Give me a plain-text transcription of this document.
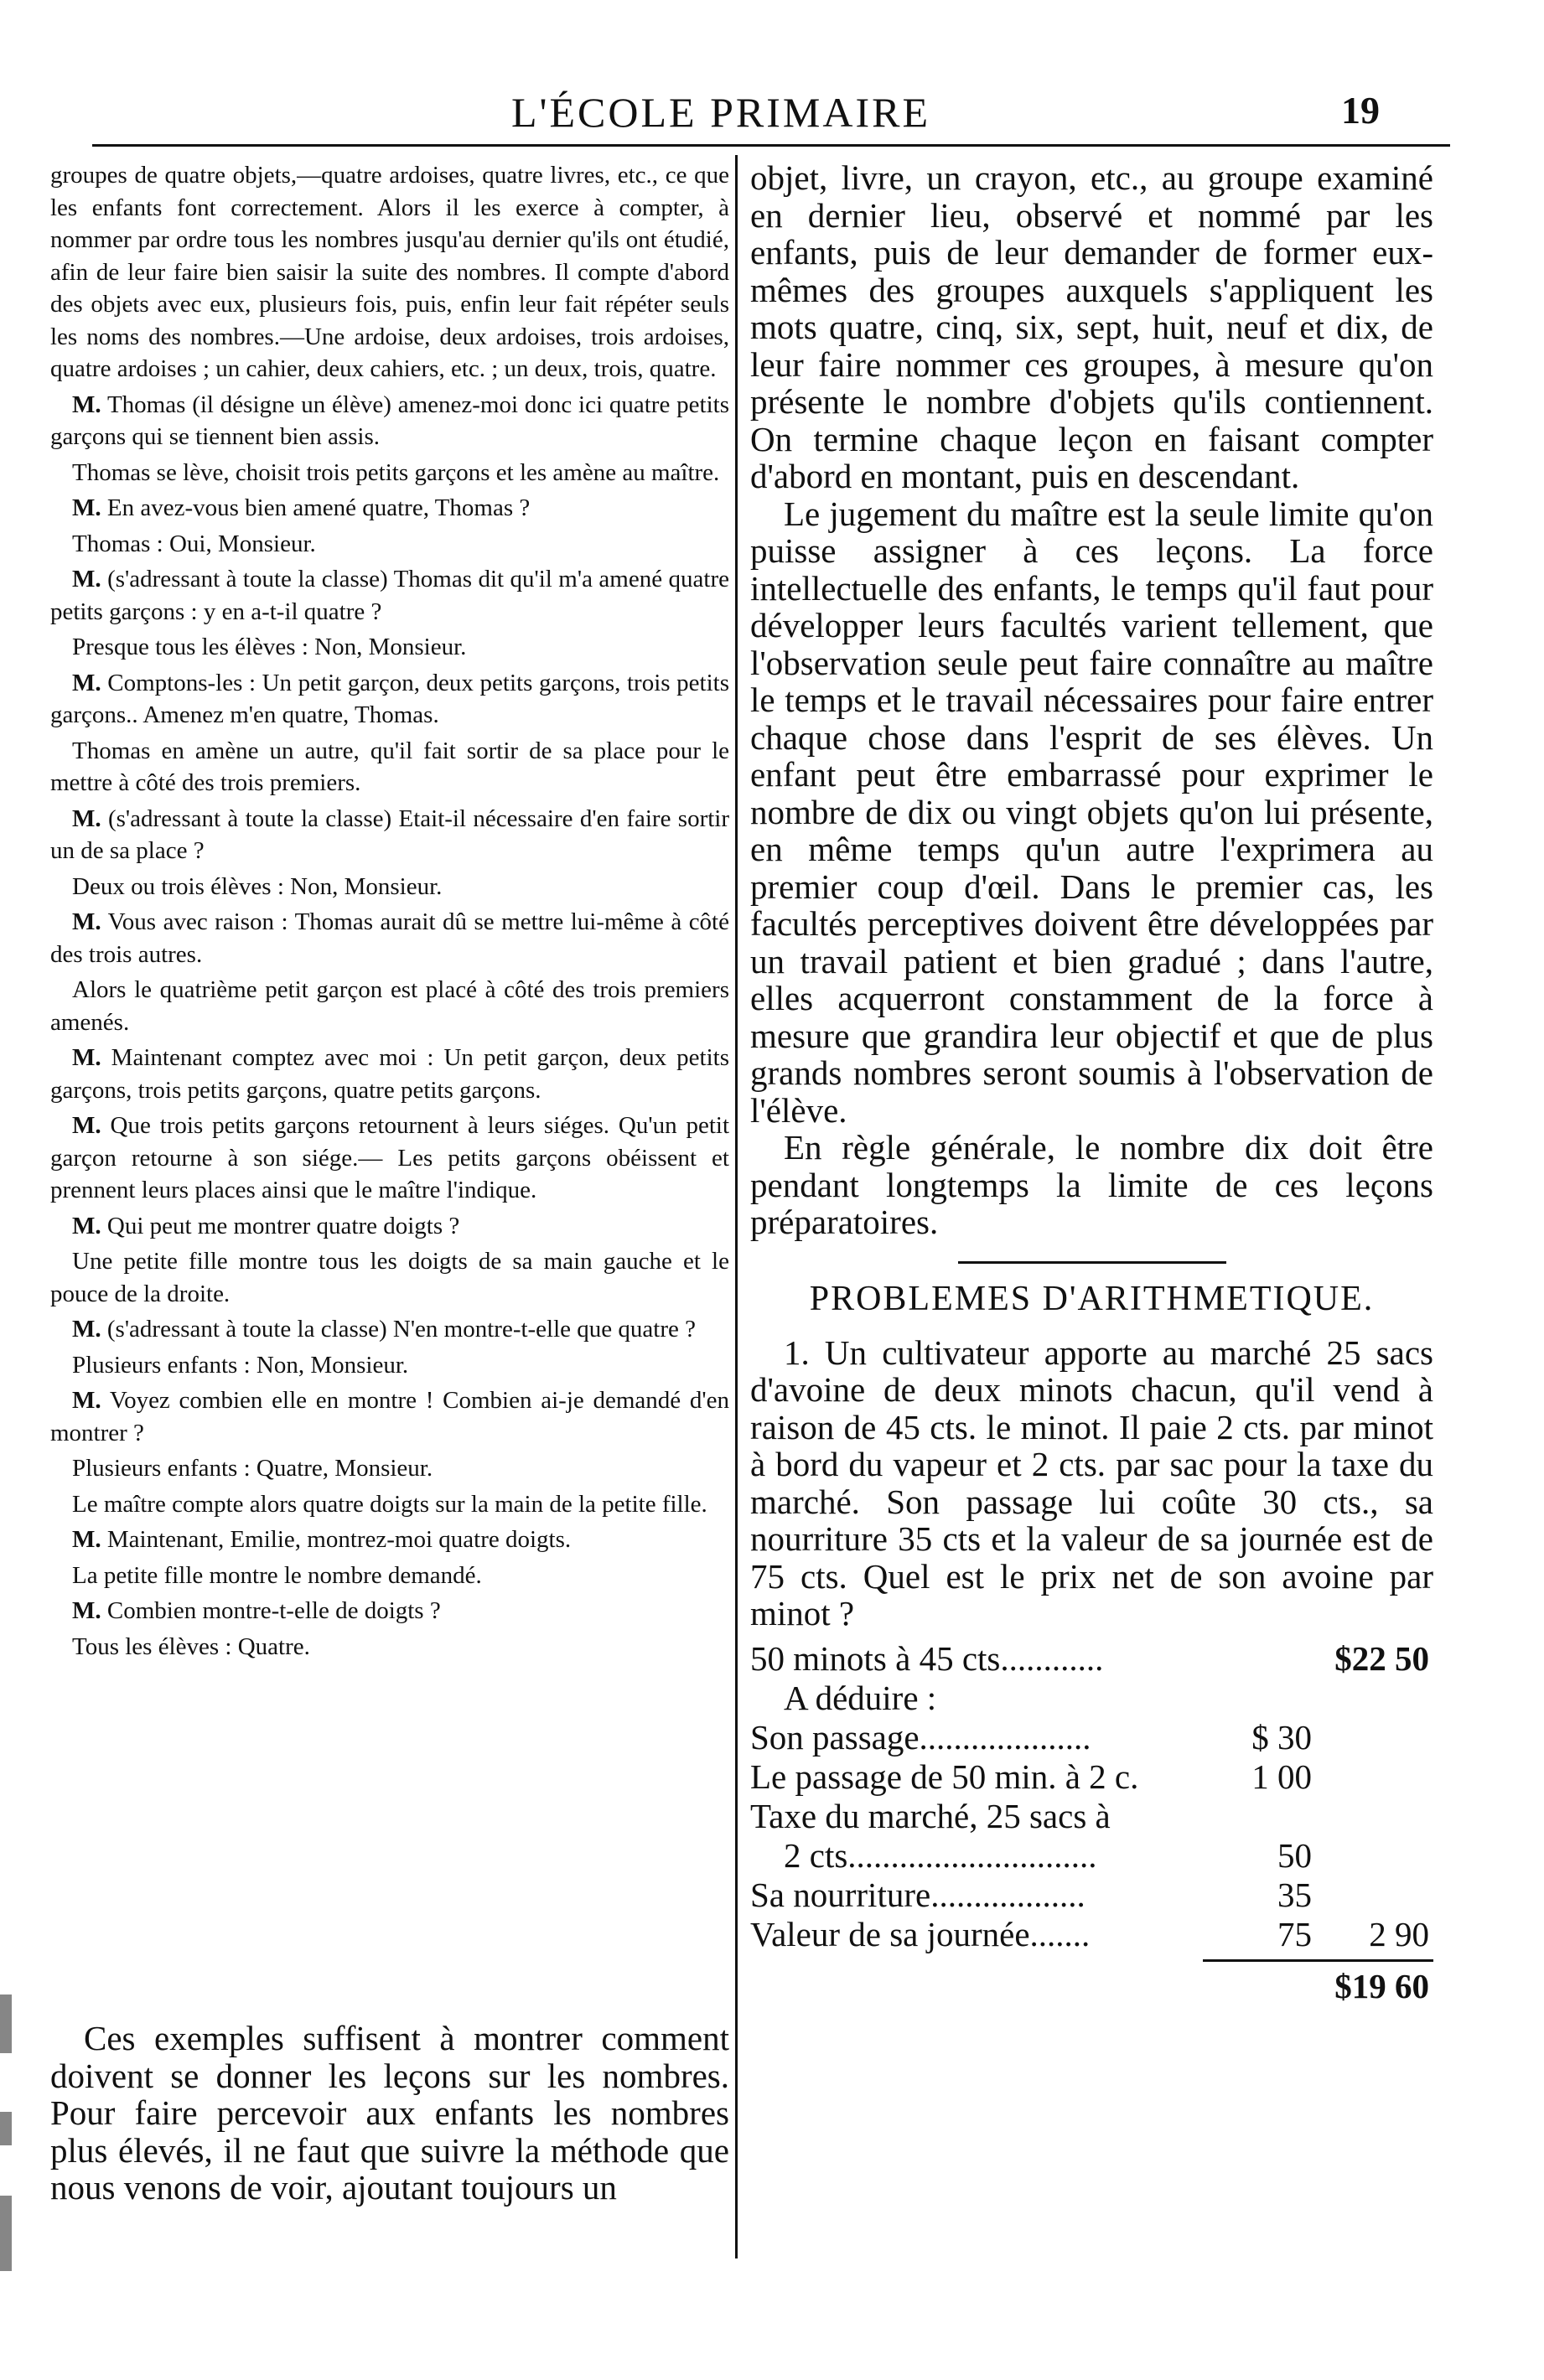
L'ÉCOLE PRIMAIRE	19

groupes de quatre objets,—quatre ardoises, quatre livres, etc., ce que les enfants font correctement. Alors il les exerce à compter, à nommer par ordre tous les nombres jusqu'au dernier qu'ils ont étudié, afin de leur faire bien saisir la suite des nombres. Il compte d'abord des objets avec eux, plusieurs fois, puis, enfin leur fait répéter seuls les noms des nombres.—Une ardoise, deux ardoises, trois ardoises, quatre ardoises ; un cahier, deux cahiers, etc. ; un deux, trois, quatre.

M. Thomas (il désigne un élève) amenez-moi donc ici quatre petits garçons qui se tiennent bien assis.

Thomas se lève, choisit trois petits garçons et les amène au maître.

M. En avez-vous bien amené quatre, Thomas ?

Thomas : Oui, Monsieur.

M. (s'adressant à toute la classe) Thomas dit qu'il m'a amené quatre petits garçons : y en a-t-il quatre ?

Presque tous les élèves : Non, Monsieur.

M. Comptons-les : Un petit garçon, deux petits garçons, trois petits garçons.. Amenez m'en quatre, Thomas.

Thomas en amène un autre, qu'il fait sortir de sa place pour le mettre à côté des trois premiers.

M. (s'adressant à toute la classe) Etait-il nécessaire d'en faire sortir un de sa place ?

Deux ou trois élèves : Non, Monsieur.

M. Vous avec raison : Thomas aurait dû se mettre lui-même à côté des trois autres.

Alors le quatrième petit garçon est placé à côté des trois premiers amenés.

M. Maintenant comptez avec moi : Un petit garçon, deux petits garçons, trois petits garçons, quatre petits garçons.

M. Que trois petits garçons retournent à leurs siéges. Qu'un petit garçon retourne à son siége.— Les petits garçons obéissent et prennent leurs places ainsi que le maître l'indique.

M. Qui peut me montrer quatre doigts ?

Une petite fille montre tous les doigts de sa main gauche et le pouce de la droite.

M. (s'adressant à toute la classe) N'en montre-t-elle que quatre ?

Plusieurs enfants : Non, Monsieur.

M. Voyez combien elle en montre ! Combien ai-je demandé d'en montrer ?

Plusieurs enfants : Quatre, Monsieur.

Le maître compte alors quatre doigts sur la main de la petite fille.

M. Maintenant, Emilie, montrez-moi quatre doigts.

La petite fille montre le nombre demandé.

M. Combien montre-t-elle de doigts ?

Tous les élèves : Quatre.

Ces exemples suffisent à montrer comment doivent se donner les leçons sur les nombres. Pour faire percevoir aux enfants les nombres plus élevés, il ne faut que suivre la méthode que nous venons de voir, ajoutant toujours un

objet, livre, un crayon, etc., au groupe examiné en dernier lieu, observé et nommé par les enfants, puis de leur demander de former eux-mêmes des groupes auxquels s'appliquent les mots quatre, cinq, six, sept, huit, neuf et dix, de leur faire nommer ces groupes, à mesure qu'on présente le nombre d'objets qu'ils contiennent. On termine chaque leçon en faisant compter d'abord en montant, puis en descendant.

Le jugement du maître est la seule limite qu'on puisse assigner à ces leçons. La force intellectuelle des enfants, le temps qu'il faut pour développer leurs facultés varient tellement, que l'observation seule peut faire connaître au maître le temps et le travail nécessaires pour faire entrer chaque chose dans l'esprit de ses élèves. Un enfant peut être embarrassé pour exprimer le nombre de dix ou vingt objets qu'on lui présente, en même temps qu'un autre l'exprimera au premier coup d'œil. Dans le premier cas, les facultés perceptives doivent être développées par un travail patient et bien gradué ; dans l'autre, elles acquerront constamment de la force à mesure que grandira leur objectif et que de plus grands nombres seront soumis à l'observation de l'élève.

En règle générale, le nombre dix doit être pendant longtemps la limite de ces leçons préparatoires.

PROBLEMES D'ARITHMETIQUE.

1. Un cultivateur apporte au marché 25 sacs d'avoine de deux minots chacun, qu'il vend à raison de 45 cts. le minot. Il paie 2 cts. par minot à bord du vapeur et 2 cts. par sac pour la taxe du marché. Son passage lui coûte 30 cts., sa nourriture 35 cts et la valeur de sa journée est de 75 cts. Quel est le prix net de son avoine par minot ?

50 minots à 45 cts............	$22 50
A déduire :
Son passage....................	$ 30
Le passage de 50 min. à 2 c.	1 00
Taxe du marché, 25 sacs à
2 cts.............................	50
Sa nourriture..................	35
Valeur de sa journée.......	75	2 90
$19 60
